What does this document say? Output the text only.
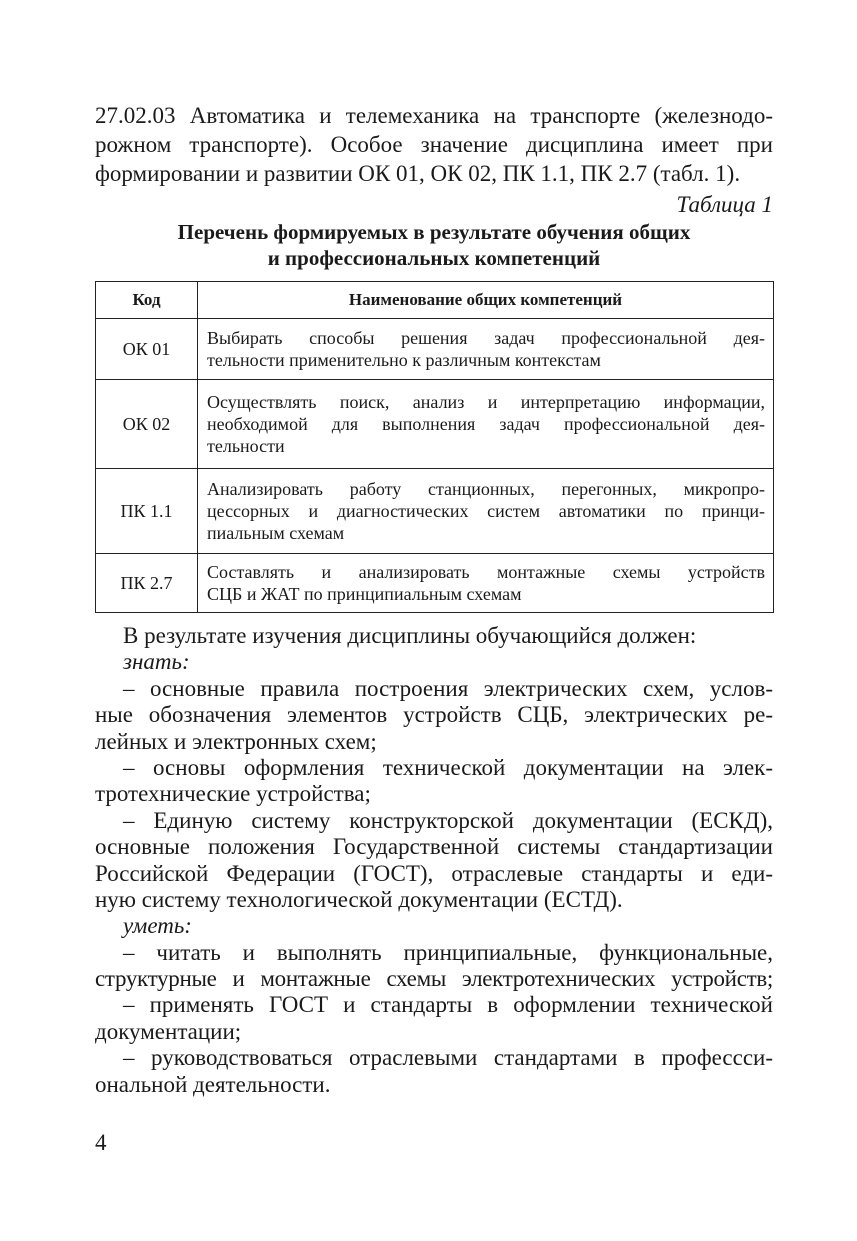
27.02.03 Автоматика и телемеханика на транспорте (железнодо-
рожном транспорте). Особое значение дисциплина имеет при
формировании и развитии ОК 01, ОК 02, ПК 1.1, ПК 2.7 (табл. 1).
Таблица 1
Перечень формируемых в результате обучения общих
и профессиональных компетенций
Код	Наименование общих компетенций
ОК 01	Выбирать способы решения задач профессиональной дея-
тельности применительно к различным контекстам

ОК 02	Осуществлять поиск, анализ и интерпретацию информации,
необходимой для выполнения задач профессиональной дея-
тельности

ПК 1.1	Анализировать работу станционных, перегонных, микропро-
цессорных и диагностических систем автоматики по принци-
пиальным схемам

ПК 2.7	Составлять и анализировать монтажные схемы устройств
СЦБ и ЖАТ по принципиальным схемам
В результате изучения дисциплины обучающийся должен:
знать:
– основные правила построения электрических схем, услов-
ные обозначения элементов устройств СЦБ, электрических ре-
лейных и электронных схем;
– основы оформления технической документации на элек-
тротехнические устройства;
– Единую систему конструкторской документации (ЕСКД),
основные положения Государственной системы стандартизации
Российской Федерации (ГОСТ), отраслевые стандарты и еди-
ную систему технологической документации (ЕСТД).
уметь:
– читать и выполнять принципиальные, функциональные,
структурные и монтажные схемы электротехнических устройств;
– применять ГОСТ и стандарты в оформлении технической
документации;
– руководствоваться отраслевыми стандартами в профессси-
ональной деятельности.
4
